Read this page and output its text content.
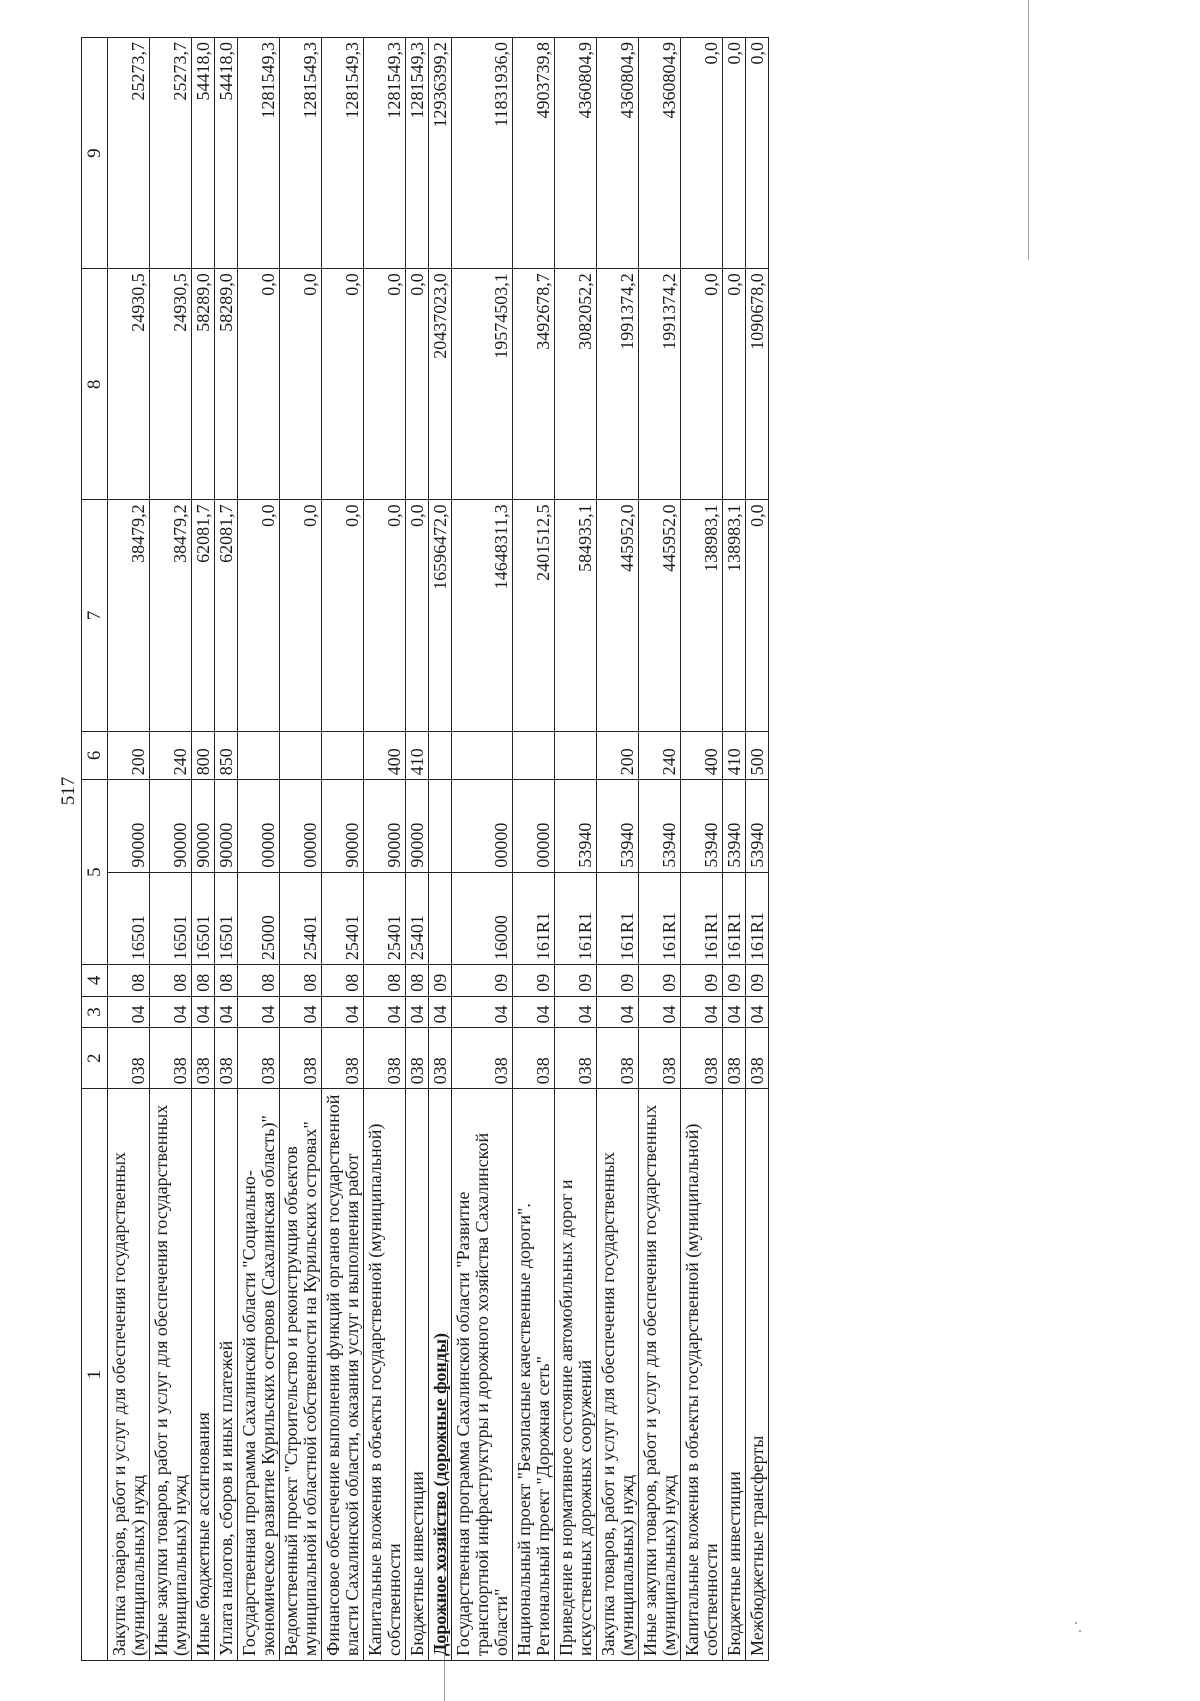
517
1	2	3	4	5		6	7	8	9
Закупка товаров, работ и услуг для обеспечения государственных (муниципальных) нужд	038	04	08	16501	90000	200	38479,2	24930,5	25273,7
Иные закупки товаров, работ и услуг для обеспечения государственных (муниципальных) нужд	038	04	08	16501	90000	240	38479,2	24930,5	25273,7
Иные бюджетные ассигнования	038	04	08	16501	90000	800	62081,7	58289,0	54418,0
Уплата налогов, сборов и иных платежей	038	04	08	16501	90000	850	62081,7	58289,0	54418,0
Государственная программа Сахалинской области "Социально-экономическое развитие Курильских островов (Сахалинская область)"	038	04	08	25000	00000		0,0	0,0	1281549,3
Ведомственный проект "Строительство и реконструкция объектов муниципальной и областной собственности на Курильских островах"	038	04	08	25401	00000		0,0	0,0	1281549,3
Финансовое обеспечение выполнения функций органов государственной власти Сахалинской области, оказания услуг и выполнения работ	038	04	08	25401	90000		0,0	0,0	1281549,3
Капитальные вложения в объекты государственной (муниципальной) собственности	038	04	08	25401	90000	400	0,0	0,0	1281549,3
Бюджетные инвестиции	038	04	08	25401	90000	410	0,0	0,0	1281549,3
Дорожное хозяйство (дорожные фонды)	038	04	09				16596472,0	20437023,0	12936399,2
Государственная программа Сахалинской области "Развитие транспортной инфраструктуры и дорожного хозяйства Сахалинской области"	038	04	09	16000	00000		14648311,3	19574503,1	11831936,0
Национальный проект "Безопасные качественные дороги". Региональный проект "Дорожная сеть"	038	04	09	161R1	00000		2401512,5	3492678,7	4903739,8
Приведение в нормативное состояние автомобильных дорог и искусственных дорожных сооружений	038	04	09	161R1	53940		584935,1	3082052,2	4360804,9
Закупка товаров, работ и услуг для обеспечения государственных (муниципальных) нужд	038	04	09	161R1	53940	200	445952,0	1991374,2	4360804,9
Иные закупки товаров, работ и услуг для обеспечения государственных (муниципальных) нужд	038	04	09	161R1	53940	240	445952,0	1991374,2	4360804,9
Капитальные вложения в объекты государственной (муниципальной) собственности	038	04	09	161R1	53940	400	138983,1	0,0	0,0
Бюджетные инвестиции	038	04	09	161R1	53940	410	138983,1	0,0	0,0
Межбюджетные трансферты	038	04	09	161R1	53940	500	0,0	1090678,0	0,0
